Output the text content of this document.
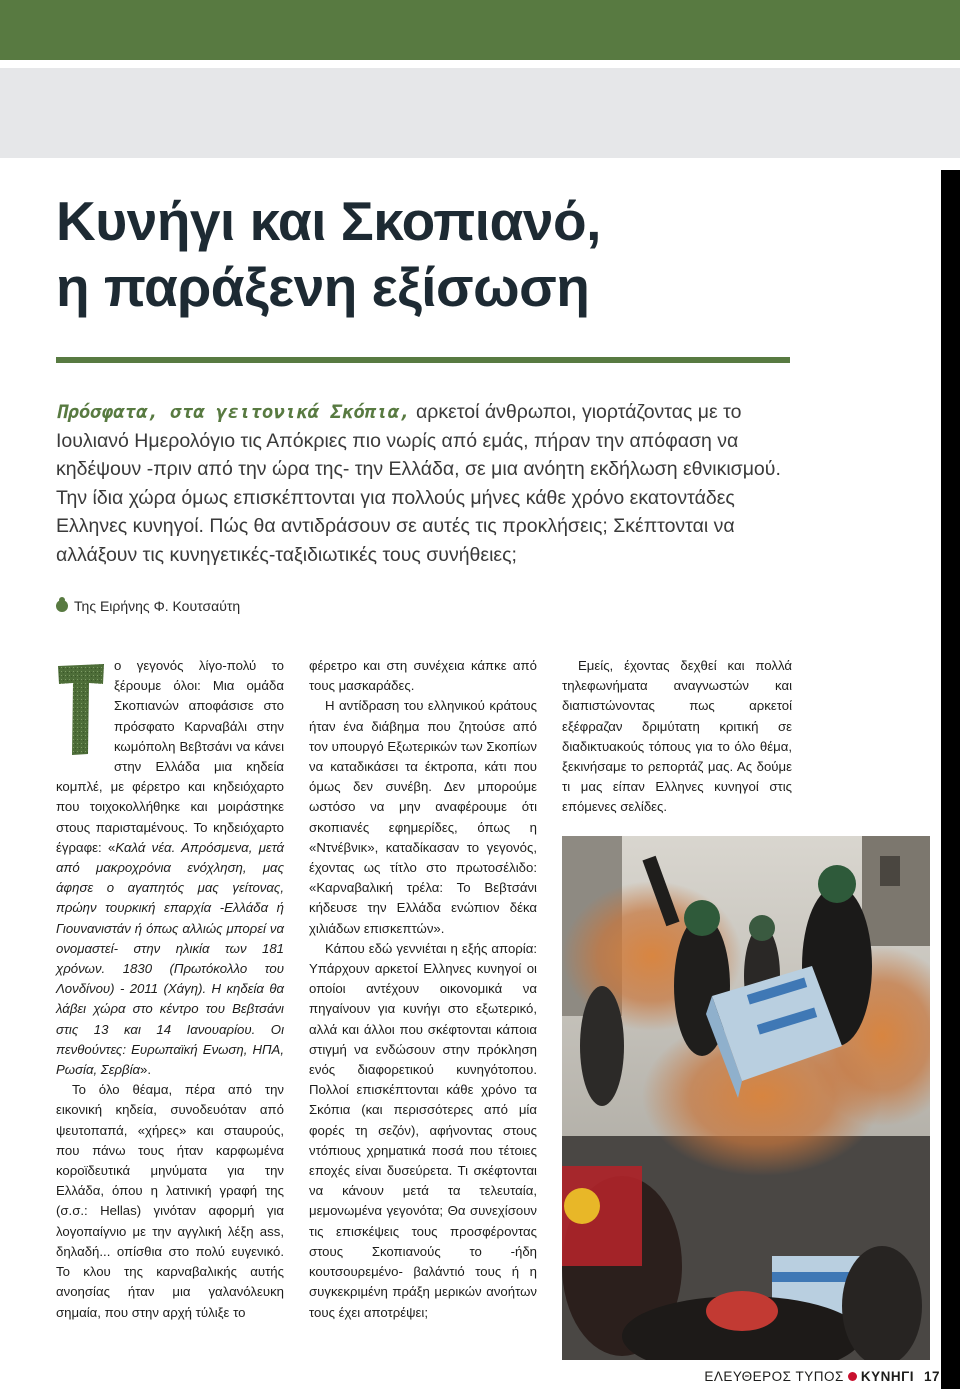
Κυνήγι και Σκοπιανό,
η παράξενη εξίσωση

Πρόσφατα, στα γειτονικά Σκόπια, αρκετοί άνθρωποι, γιορτάζοντας με το Ιουλιανό Ημερολόγιο τις Απόκριες πιο νωρίς από εμάς, πήραν την απόφαση να κηδέψουν -πριν από την ώρα της- την Ελλάδα, σε μια ανόητη εκδήλωση εθνικισμού. Την ίδια χώρα όμως επισκέπτονται για πολλούς μήνες κάθε χρόνο εκατοντάδες Ελληνες κυνηγοί. Πώς θα αντιδράσουν σε αυτές τις προκλήσεις; Σκέπτονται να αλλάξουν τις κυνηγετικές-ταξιδιωτικές τους συνήθειες;

Της Ειρήνης Φ. Κουτσαύτη

ο γεγονός λίγο-πολύ το ξέρουμε όλοι: Μια ομάδα Σκοπιανών αποφάσισε στο πρόσφατο Καρναβάλι στην κωμόπολη Βεβτσάνι να κάνει στην Ελλάδα μια κηδεία κομπλέ, με φέρετρο και κηδειόχαρτο που τοιχοκολλήθηκε και μοιράστηκε στους παρισταμένους. Το κηδειόχαρτο έγραφε: «Καλά νέα. Απρόσμενα, μετά από μακροχρόνια ενόχληση, μας άφησε ο αγαπητός μας γείτονας, πρώην τουρκική επαρχία -Ελλάδα ή Γιουνανιστάν ή όπως αλλιώς μπορεί να ονομαστεί- στην ηλικία των 181 χρόνων. 1830 (Πρωτόκολλο του Λονδίνου) - 2011 (Χάγη). Η κηδεία θα λάβει χώρα στο κέντρο του Βεβτσάνι στις 13 και 14 Ιανουαρίου. Οι πενθούντες: Ευρωπαϊκή Ενωση, ΗΠΑ, Ρωσία, Σερβία».

Το όλο θέαμα, πέρα από την εικονική κηδεία, συνοδευόταν από ψευτοπαπά, «χήρες» και σταυρούς, που πάνω τους ήταν καρφωμένα κοροϊδευτικά μηνύματα για την Ελλάδα, όπου η λατινική γραφή της (σ.σ.: Hellas) γινόταν αφορμή για λογοπαίγνιο με την αγγλική λέξη ass, δηλαδή... οπίσθια στο πολύ ευγενικό. Το κλου της καρναβαλικής αυτής ανοησίας ήταν μια γαλανόλευκη σημαία, που στην αρχή τύλιξε το

φέρετρο και στη συνέχεια κάπκε από τους μασκαράδες.

Η αντίδραση του ελληνικού κράτους ήταν ένα διάβημα που ζητούσε από τον υπουργό Εξωτερικών των Σκοπίων να καταδικάσει τα έκτροπα, κάτι που όμως δεν συνέβη. Δεν μπορούμε ωστόσο να μην αναφέρουμε ότι σκοπιανές εφημερίδες, όπως η «Ντνέβνικ», καταδίκασαν το γεγονός, έχοντας ως τίτλο στο πρωτοσέλιδο: «Καρναβαλική τρέλα: Το Βεβτσάνι κήδευσε την Ελλάδα ενώπιον δέκα χιλιάδων επισκεπτών».

Κάπου εδώ γεννιέται η εξής απορία: Υπάρχουν αρκετοί Ελληνες κυνηγοί οι οποίοι αντέχουν οικονομικά να πηγαίνουν για κυνήγι στο εξωτερικό, αλλά και άλλοι που σκέφτονται κάποια στιγμή να ενδώσουν στην πρόκληση ενός διαφορετικού κυνηγότοπου. Πολλοί επισκέπτονται κάθε χρόνο τα Σκόπια (και περισσότερες από μία φορές τη σεζόν), αφήνοντας στους ντόπιους χρηματικά ποσά που τέτοιες εποχές είναι δυσεύρετα. Τι σκέφτονται να κάνουν μετά τα τελευταία, μεμονωμένα γεγονότα; Θα συνεχίσουν τις επισκέψεις τους προσφέροντας στους Σκοπιανούς το -ήδη κουτσουρεμένο- βαλάντιό τους ή η συγκεκριμένη πράξη μερικών ανοήτων τους έχει αποτρέψει;

Εμείς, έχοντας δεχθεί και πολλά τηλεφωνήματα αναγνωστών και διαπιστώνοντας πως αρκετοί εξέφραζαν δριμύτατη κριτική σε διαδικτυακούς τόπους για το όλο θέμα, ξεκινήσαμε το ρεπορτάζ μας. Ας δούμε τι μας είπαν Ελληνες κυνηγοί στις επόμενες σελίδες.

ΕΛΕΥΘΕΡΟΣ ΤΥΠΟΣ ΚΥΝΗΓΙ 17
